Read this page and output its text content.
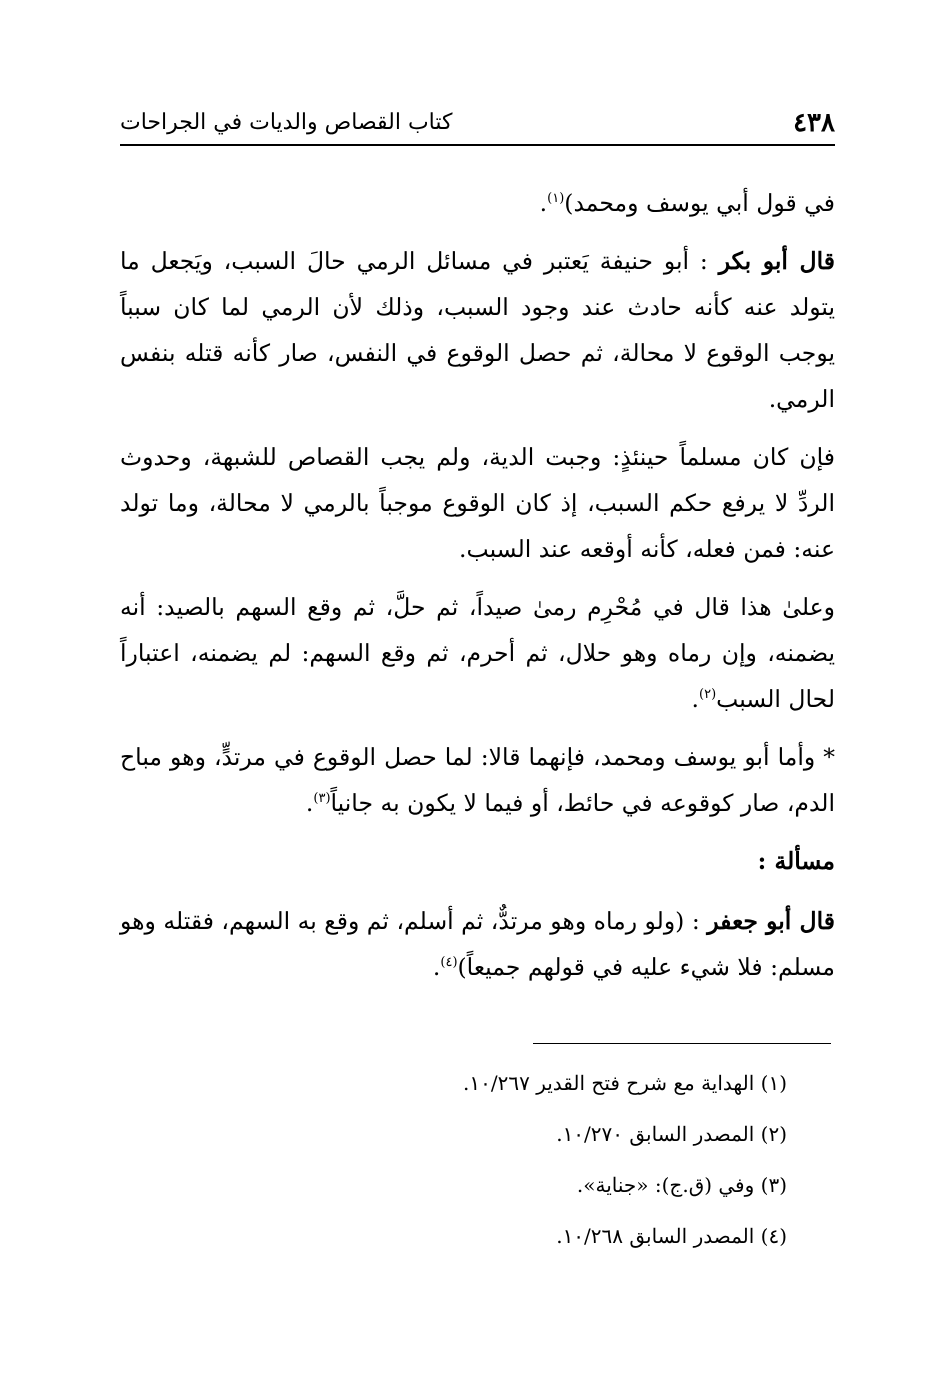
٤٣٨
كتاب القصاص والديات في الجراحات

في قول أبي يوسف ومحمد)$^{(١)}$.

قال أبو بكر : أبو حنيفة يَعتبر في مسائل الرمي حالَ السبب، ويَجعل ما يتولد عنه كأنه حادث عند وجود السبب، وذلك لأن الرمي لما كان سبباً يوجب الوقوع لا محالة، ثم حصل الوقوع في النفس، صار كأنه قتله بنفس الرمي.

فإن كان مسلماً حينئذٍ: وجبت الدية، ولم يجب القصاص للشبهة، وحدوث الردِّ لا يرفع حكم السبب، إذ كان الوقوع موجباً بالرمي لا محالة، وما تولد عنه: فمن فعله، كأنه أوقعه عند السبب.

وعلىٰ هذا قال في مُحْرِم رمىٰ صيداً، ثم حلَّ، ثم وقع السهم بالصيد: أنه يضمنه، وإن رماه وهو حلال، ثم أحرم، ثم وقع السهم: لم يضمنه، اعتباراً لحال السبب$^{(٢)}$.

* وأما أبو يوسف ومحمد، فإنهما قالا: لما حصل الوقوع في مرتدٍّ، وهو مباح الدم، صار كوقوعه في حائط، أو فيما لا يكون به جانياً$^{(٣)}$.

مسألة :

قال أبو جعفر : (ولو رماه وهو مرتدٌّ، ثم أسلم، ثم وقع به السهم، فقتله وهو مسلم: فلا شيء عليه في قولهم جميعاً)$^{(٤)}$.

(١) الهداية مع شرح فتح القدير ١٠/٢٦٧.

(٢) المصدر السابق ١٠/٢٧٠.

(٣) وفي (ق.ج): «جناية».

(٤) المصدر السابق ١٠/٢٦٨.
